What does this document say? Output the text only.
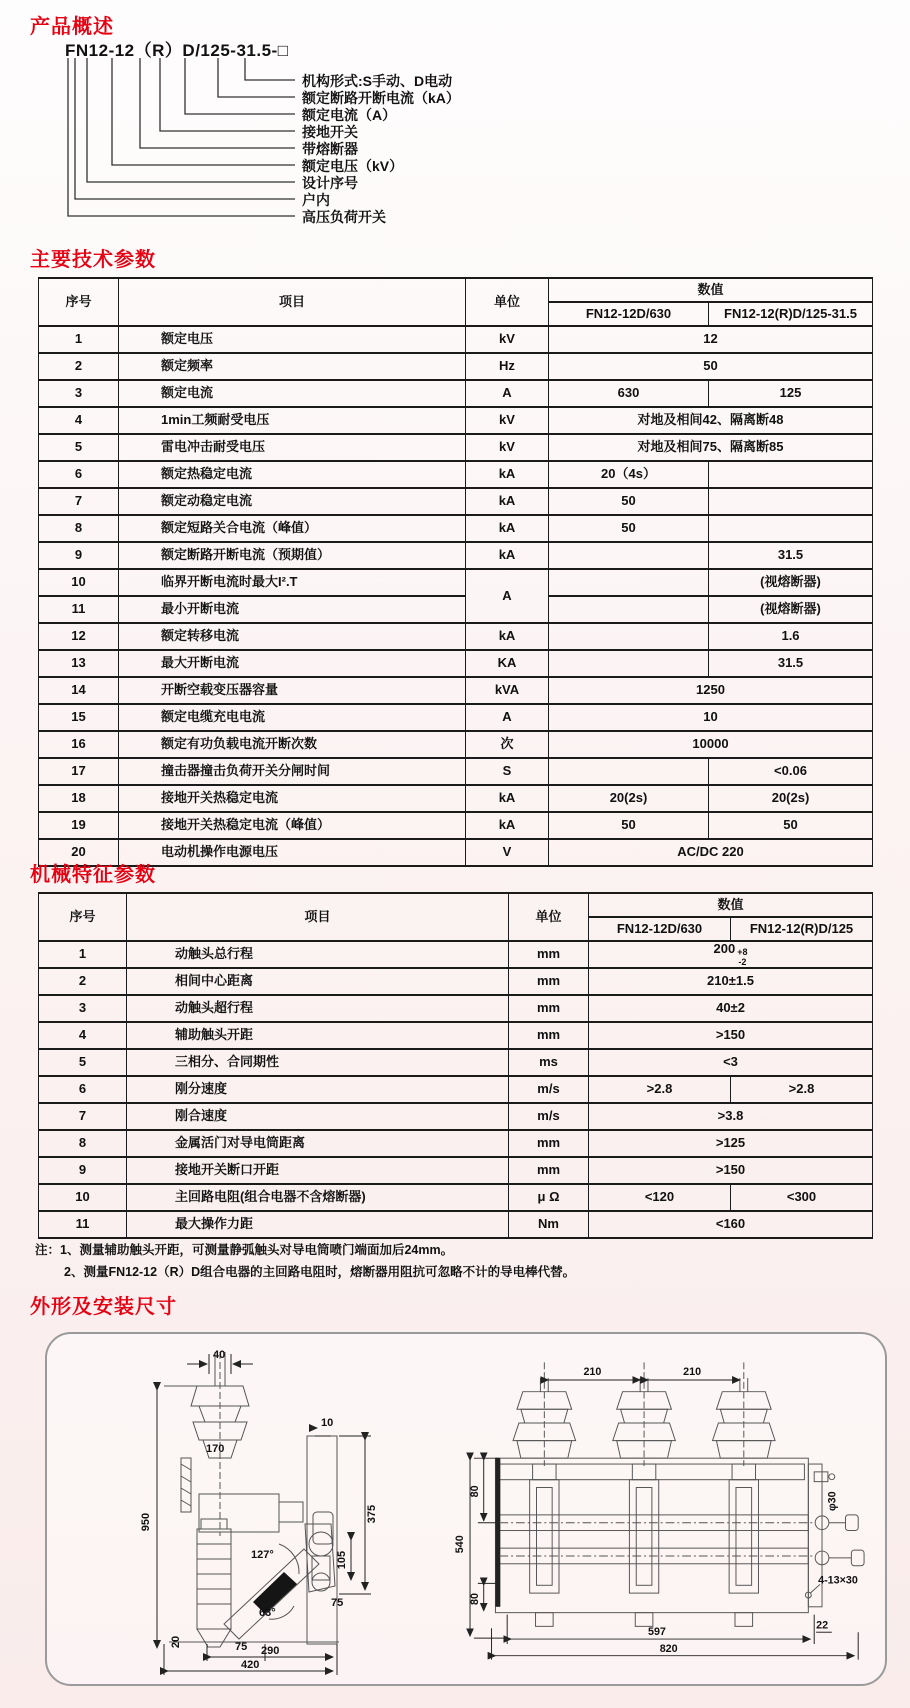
产品概述
FN12-12（R）D/125-31.5-□
机构形式:S手动、D电动
额定断路开断电流（kA）
额定电流（A）
接地开关
带熔断器
额定电压（kV）
设计序号
户内
高压负荷开关
主要技术参数
序号	项目	单位	数值	
			FN12-12D/630	FN12-12(R)D/125-31.5
1	额定电压	kV	12	
2	额定频率	Hz	50	
3	额定电流	A	630	125
4	1min工频耐受电压	kV	对地及相间42、隔离断48	
5	雷电冲击耐受电压	kV	对地及相间75、隔离断85	
6	额定热稳定电流	kA	20（4s）	
7	额定动稳定电流	kA	50	
8	额定短路关合电流（峰值）	kA	50	
9	额定断路开断电流（预期值）	kA		31.5
10	临界开断电流时最大I².T	A		(视熔断器)
11	最小开断电流			(视熔断器)
12	额定转移电流	kA		1.6
13	最大开断电流	KA		31.5
14	开断空载变压器容量	kVA	1250	
15	额定电缆充电电流	A	10	
16	额定有功负载电流开断次数	次	10000	
17	撞击器撞击负荷开关分闸时间	S		<0.06
18	接地开关热稳定电流	kA	20(2s)	20(2s)
19	接地开关热稳定电流（峰值）	kA	50	50
20	电动机操作电源电压	V	AC/DC 220	
机械特征参数
序号	项目	单位	数值	
			FN12-12D/630	FN12-12(R)D/125
1	动触头总行程	mm	200 +8
-2	

2	相间中心距离	mm	210±1.5	
3	动触头超行程	mm	40±2	
4	辅助触头开距	mm	>150	
5	三相分、合同期性	ms	<3	
6	刚分速度	m/s	>2.8	>2.8
7	刚合速度	m/s	>3.8	
8	金属活门对导电筒距离	mm	>125	
9	接地开关断口开距	mm	>150	
10	主回路电阻(组合电器不含熔断器)	μ Ω	<120	<300
11	最大操作力距	Nm	<160	
注：1、测量辅助触头开距，可测量静弧触头对导电筒喷门端面加后24mm。
2、测量FN12-12（R）D组合电器的主回路电阻时，熔断器用阻抗可忽略不计的导电棒代替。
外形及安装尺寸
40
170
10
375
950
127°	105
75
63°
20	75 290
420
210	210
80
540
φ30
4-13×30
80
22
597
820
